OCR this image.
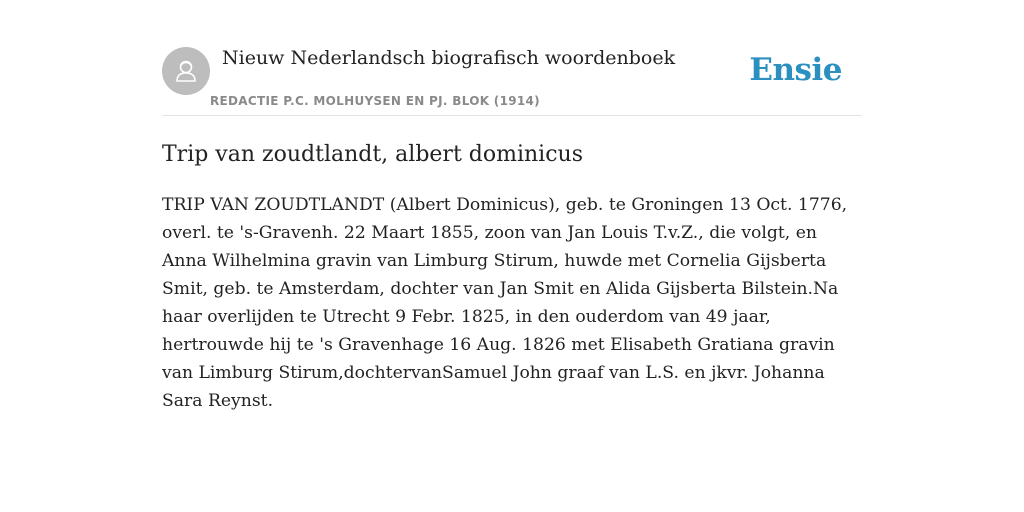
Nieuw Nederlandsch biografisch woordenboek
REDACTIE P.C. MOLHUYSEN EN PJ. BLOK (1914)
Ensie
Trip van zoudtlandt, albert dominicus

TRIP VAN ZOUDTLANDT (Albert Dominicus), geb. te Groningen 13 Oct. 1776, overl. te 's-Gravenh. 22 Maart 1855, zoon van Jan Louis T.v.Z., die volgt, en Anna Wilhelmina gravin van Limburg Stirum, huwde met Cornelia Gijsberta Smit, geb. te Amsterdam, dochter van Jan Smit en Alida Gijsberta Bilstein.Na haar overlijden te Utrecht 9 Febr. 1825, in den ouderdom van 49 jaar, hertrouwde hij te 's Gravenhage 16 Aug. 1826 met Elisabeth Gratiana gravin van Limburg Stirum,dochtervanSamuel John graaf van L.S. en jkvr. Johanna Sara Reynst.
